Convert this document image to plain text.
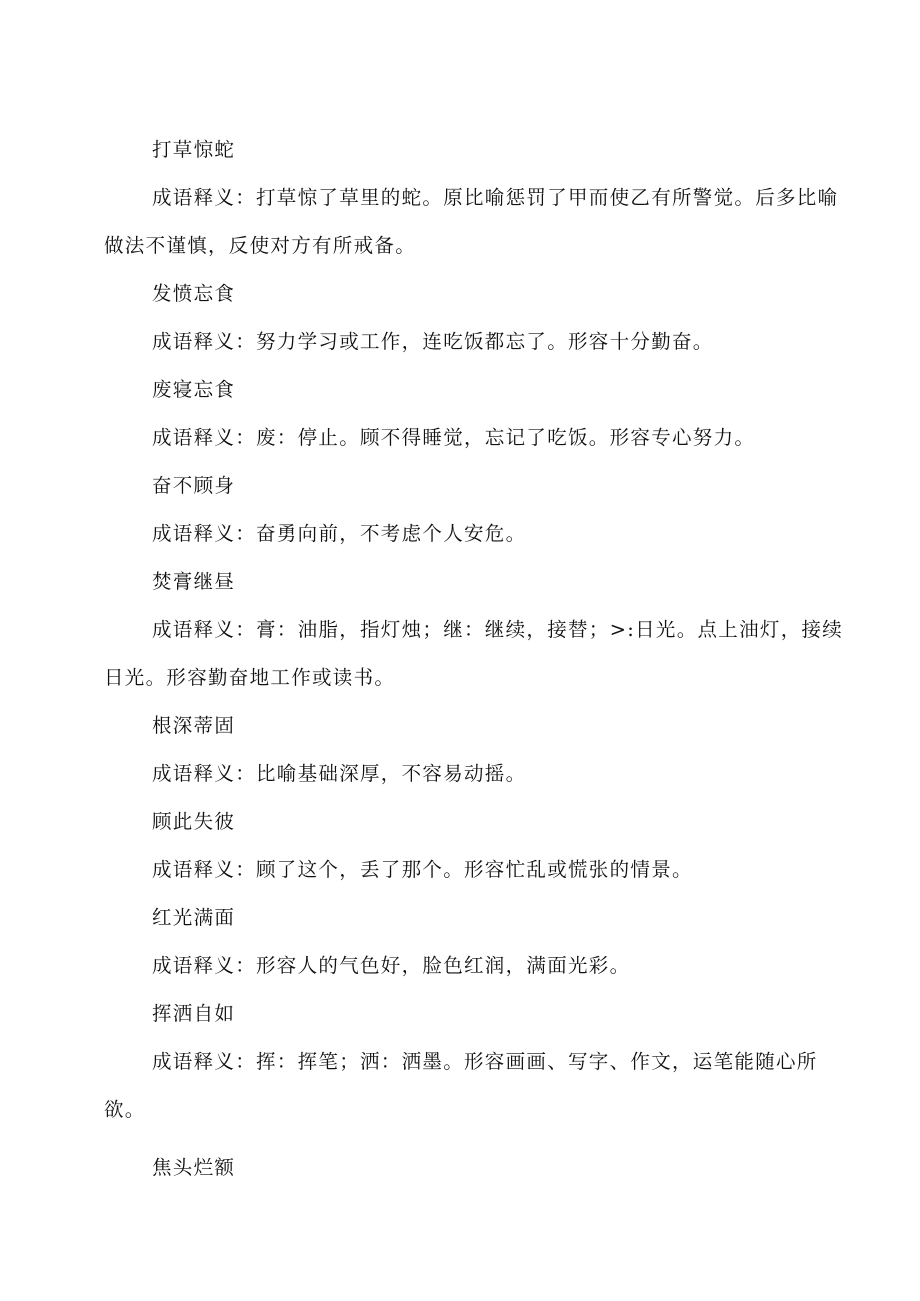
打草惊蛇

成语释义：打草惊了草里的蛇。原比喻惩罚了甲而使乙有所警觉。后多比喻

做法不谨慎，反使对方有所戒备。

发愤忘食

成语释义：努力学习或工作，连吃饭都忘了。形容十分勤奋。

废寝忘食

成语释义：废：停止。顾不得睡觉，忘记了吃饭。形容专心努力。

奋不顾身

成语释义：奋勇向前，不考虑个人安危。

焚膏继昼

成语释义：膏：油脂，指灯烛；继：继续，接替；>:日光。点上油灯，接续

日光。形容勤奋地工作或读书。

根深蒂固

成语释义：比喻基础深厚，不容易动摇。

顾此失彼

成语释义：顾了这个，丢了那个。形容忙乱或慌张的情景。

红光满面

成语释义：形容人的气色好，脸色红润，满面光彩。

挥洒自如

成语释义：挥：挥笔；洒：洒墨。形容画画、写字、作文，运笔能随心所

欲。

焦头烂额
